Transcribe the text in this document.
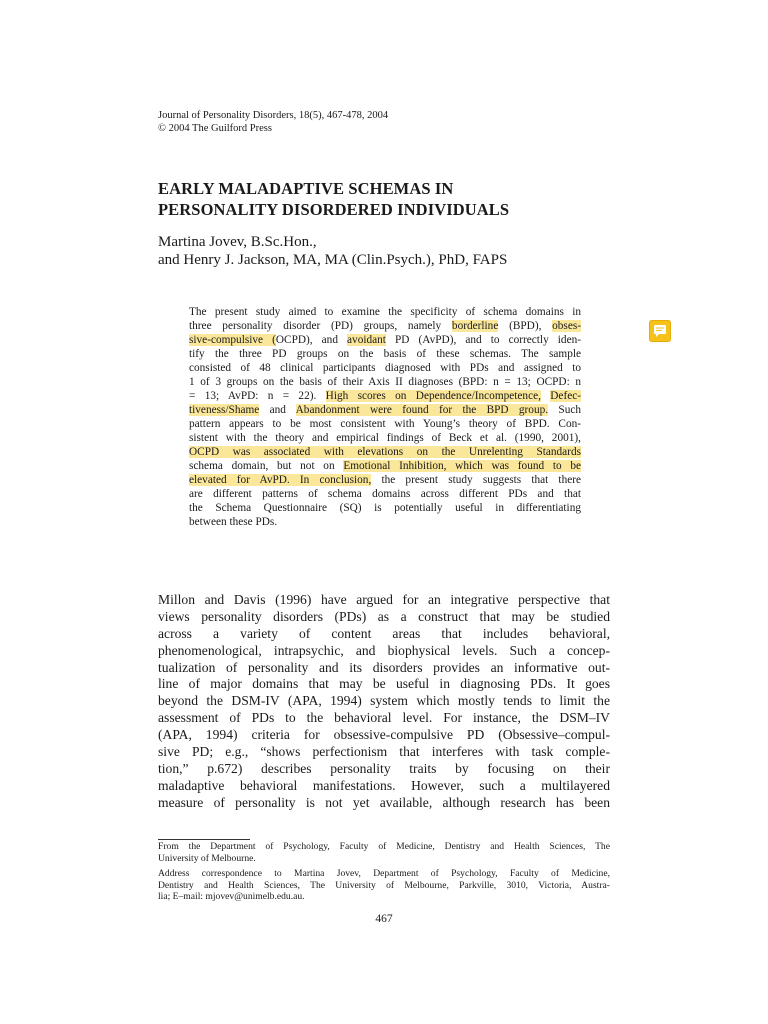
Journal of Personality Disorders, 18(5), 467-478, 2004
© 2004 The Guilford Press
EARLY MALADAPTIVE SCHEMAS IN
PERSONALITY DISORDERED INDIVIDUALS
Martina Jovev, B.Sc.Hon.,
and Henry J. Jackson, MA, MA (Clin.Psych.), PhD, FAPS
The present study aimed to examine the specificity of schema domains in
three personality disorder (PD) groups, namely borderline (BPD), obses-
sive-compulsive (OCPD), and avoidant PD (AvPD), and to correctly iden-
tify the three PD groups on the basis of these schemas. The sample
consisted of 48 clinical participants diagnosed with PDs and assigned to
1 of 3 groups on the basis of their Axis II diagnoses (BPD: n = 13; OCPD: n
= 13; AvPD: n = 22). High scores on Dependence/Incompetence, Defec-
tiveness/Shame and Abandonment were found for the BPD group. Such
pattern appears to be most consistent with Young’s theory of BPD. Con-
sistent with the theory and empirical findings of Beck et al. (1990, 2001),
OCPD was associated with elevations on the Unrelenting Standards
schema domain, but not on Emotional Inhibition, which was found to be
elevated for AvPD. In conclusion, the present study suggests that there
are different patterns of schema domains across different PDs and that
the Schema Questionnaire (SQ) is potentially useful in differentiating
between these PDs.
Millon and Davis (1996) have argued for an integrative perspective that
views personality disorders (PDs) as a construct that may be studied
across a variety of content areas that includes behavioral,
phenomenological, intrapsychic, and biophysical levels. Such a concep-
tualization of personality and its disorders provides an informative out-
line of major domains that may be useful in diagnosing PDs. It goes
beyond the DSM-IV (APA, 1994) system which mostly tends to limit the
assessment of PDs to the behavioral level. For instance, the DSM–IV
(APA, 1994) criteria for obsessive-compulsive PD (Obsessive–compul-
sive PD; e.g., “shows perfectionism that interferes with task comple-
tion,” p.672) describes personality traits by focusing on their
maladaptive behavioral manifestations. However, such a multilayered
measure of personality is not yet available, although research has been
From the Department of Psychology, Faculty of Medicine, Dentistry and Health Sciences, The
University of Melbourne.
Address correspondence to Martina Jovev, Department of Psychology, Faculty of Medicine,
Dentistry and Health Sciences, The University of Melbourne, Parkville, 3010, Victoria, Austra-
lia; E–mail: mjovev@unimelb.edu.au.
467
